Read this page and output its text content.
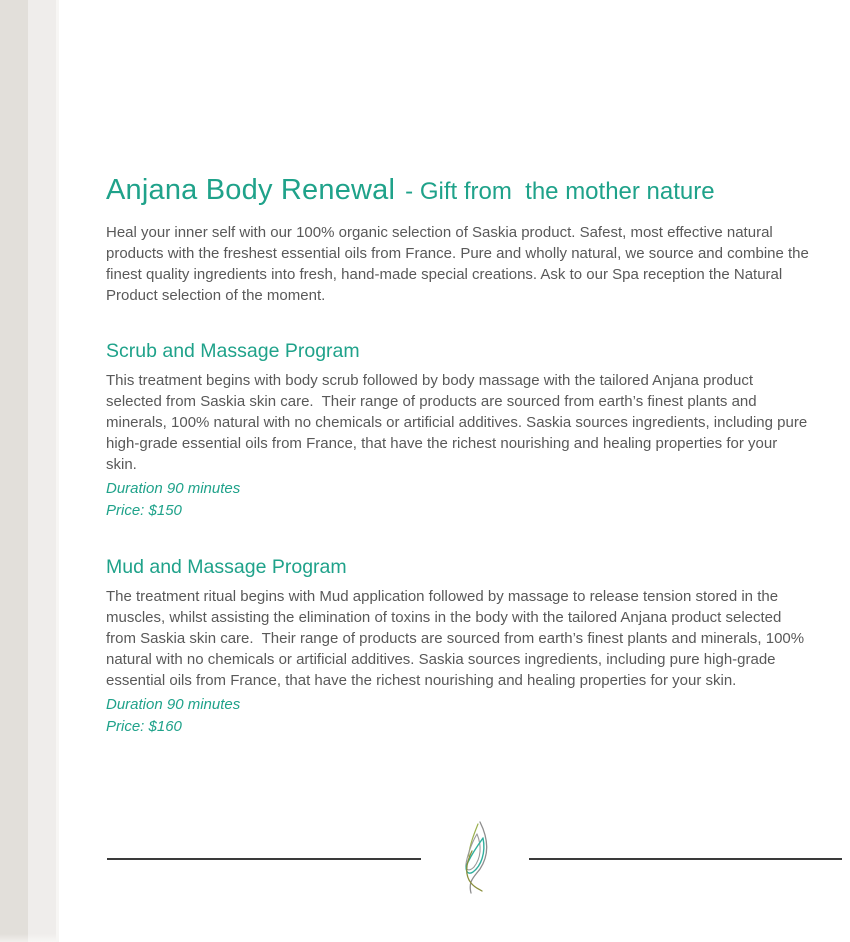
Anjana Body Renewal - Gift from  the mother nature

Heal your inner self with our 100% organic selection of Saskia product. Safest, most effective natural products with the freshest essential oils from France. Pure and wholly natural, we source and combine the finest quality ingredients into fresh, hand-made special creations. Ask to our Spa reception the Natural Product selection of the moment.

Scrub and Massage Program

This treatment begins with body scrub followed by body massage with the tailored Anjana product selected from Saskia skin care.  Their range of products are sourced from earth’s finest plants and minerals, 100% natural with no chemicals or artificial additives. Saskia sources ingredients, including pure high-grade essential oils from France, that have the richest nourishing and healing properties for your skin.

Duration 90 minutes

Price: $150

Mud and Massage Program

The treatment ritual begins with Mud application followed by massage to release tension stored in the muscles, whilst assisting the elimination of toxins in the body with the tailored Anjana product selected from Saskia skin care.  Their range of products are sourced from earth’s finest plants and minerals, 100% natural with no chemicals or artificial additives. Saskia sources ingredients, including pure high-grade essential oils from France, that have the richest nourishing and healing properties for your skin.

Duration 90 minutes

Price: $160
